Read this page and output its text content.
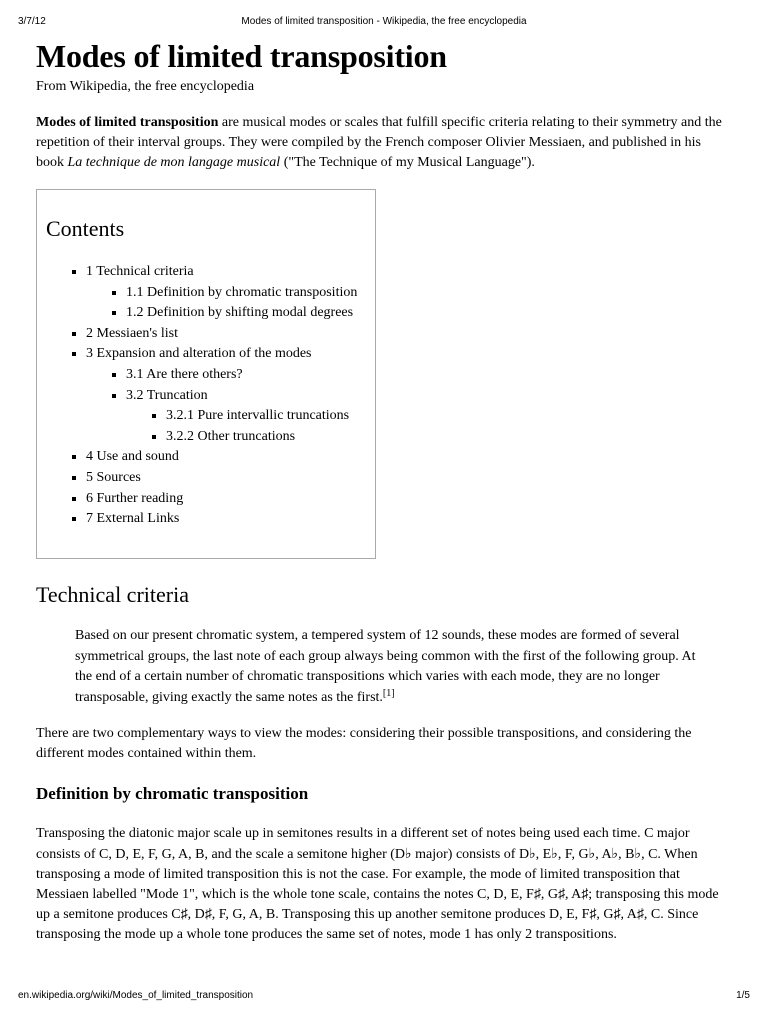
3/7/12	Modes of limited transposition - Wikipedia, the free encyclopedia
Modes of limited transposition
From Wikipedia, the free encyclopedia

Modes of limited transposition are musical modes or scales that fulfill specific criteria relating to their symmetry and the repetition of their interval groups. They were compiled by the French composer Olivier Messiaen, and published in his book La technique de mon langage musical ("The Technique of my Musical Language").

Contents
▪ 1 Technical criteria
▪ 1.1 Definition by chromatic transposition
▪ 1.2 Definition by shifting modal degrees
▪ 2 Messiaen's list
▪ 3 Expansion and alteration of the modes
▪ 3.1 Are there others?
▪ 3.2 Truncation
▪ 3.2.1 Pure intervallic truncations
▪ 3.2.2 Other truncations
▪ 4 Use and sound
▪ 5 Sources
▪ 6 Further reading
▪ 7 External Links
Technical criteria
Based on our present chromatic system, a tempered system of 12 sounds, these modes are formed of several symmetrical groups, the last note of each group always being common with the first of the following group. At the end of a certain number of chromatic transpositions which varies with each mode, they are no longer transposable, giving exactly the same notes as the first.[1]

There are two complementary ways to view the modes: considering their possible transpositions, and considering the different modes contained within them.

Definition by chromatic transposition

Transposing the diatonic major scale up in semitones results in a different set of notes being used each time. C major consists of C, D, E, F, G, A, B, and the scale a semitone higher (D♭ major) consists of D♭, E♭, F, G♭, A♭, B♭, C. When transposing a mode of limited transposition this is not the case. For example, the mode of limited transposition that Messiaen labelled "Mode 1", which is the whole tone scale, contains the notes C, D, E, F♯, G♯, A♯; transposing this mode up a semitone produces C♯, D♯, F, G, A, B. Transposing this up another semitone produces D, E, F♯, G♯, A♯, C. Since transposing the mode up a whole tone produces the same set of notes, mode 1 has only 2 transpositions.

en.wikipedia.org/wiki/Modes_of_limited_transposition	1/5
